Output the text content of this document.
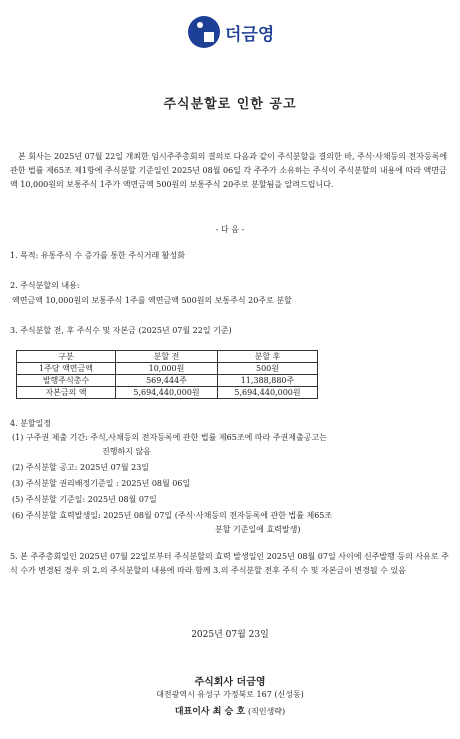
더금영
주식분할로 인한 공고
본 회사는 2025년 07월 22일 개최한 임시주주총회의 결의로 다음과 같이 주식분할을 결의한 바, 주식·사채등의 전자등록에 관한 법률 제65조 제1항에 주식분할 기준일인 2025년 08월 06일 각 주주가 소유하는 주식이 주식분할의 내용에 따라 액면금액 10,000원의 보통주식 1주가 액면금액 500원의 보통주식 20주로 분할됨을 알려드립니다.
- 다 음 -
1. 목적: 유통주식 수 증가를 통한 주식거래 활성화
2. 주식분할의 내용:
액면금액 10,000원의 보통주식 1주를 액면금액 500원의 보통주식 20주로 분할
3. 주식분할 전, 후 주식수 및 자본금 (2025년 07월 22일 기준)
구분	분할 전	분할 후
1주당 액면금액	10,000원	500원
발행주식총수	569,444주	11,388,880주
자본금의 액	5,694,440,000원	5,694,440,000원
4. 분할일정
(1) 구주권 제출 기간: 주식,사채등의 전자등록에 관한 법률 제65조에 따라 주권제출공고는
진행하지 않음
(2) 주식분할 공고: 2025년 07월 23일
(3) 주식분할 권리배정기준일 : 2025년 08월 06일
(5) 주식분할 기준일: 2025년 08월 07일
(6) 주식분할 효력발생일: 2025년 08월 07일 (주식·사채등의 전자등록에 관한 법률 제65조
분할 기준일에 효력발생)
5. 본 주주총회일인 2025년 07월 22일로부터 주식분할의 효력 발생일인 2025년 08월 07일 사이에 신주발행 등의 사유로 주식 수가 변경된 경우 위 2.의 주식분할의 내용에 따라 함께 3.의 주식분할 전후 주식 수 및 자본금이 변경될 수 있음
2025년 07월 23일
주식회사 더금영
대전광역시 유성구 가정북로 167 (신성동)
대표이사 최 승 호 (직인생략)
